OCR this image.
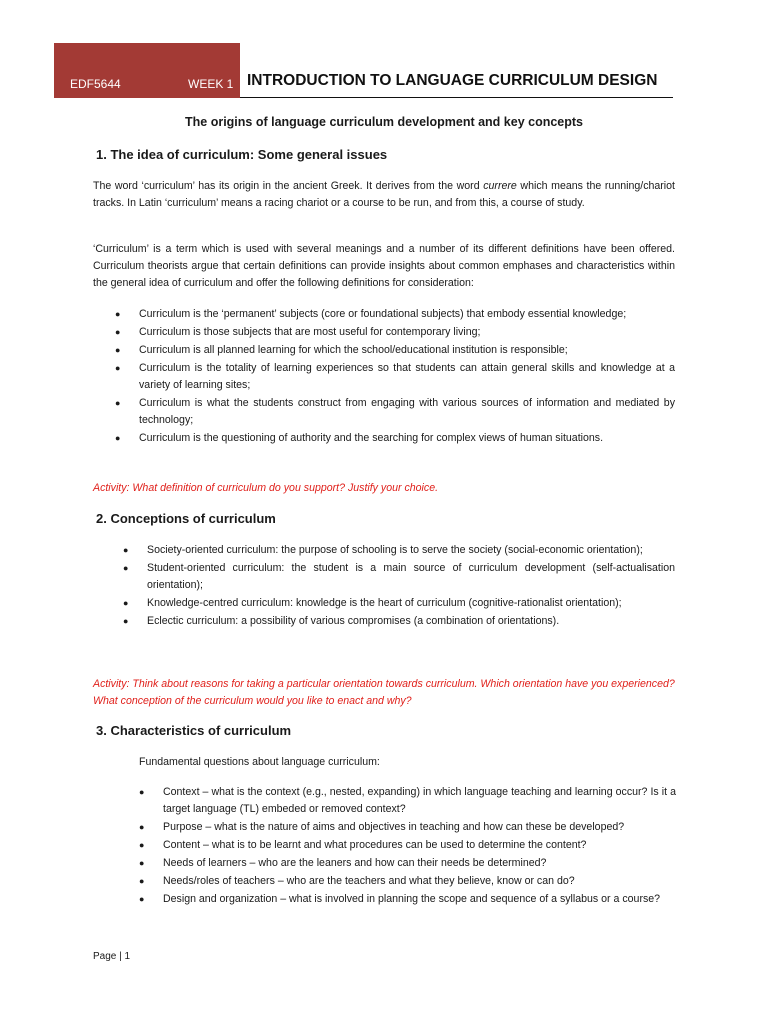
EDF5644	WEEK 1 INTRODUCTION TO LANGUAGE CURRICULUM DESIGN
The origins of language curriculum development and key concepts
1. The idea of curriculum: Some general issues
The word ‘curriculum’ has its origin in the ancient Greek. It derives from the word currere which means the running/chariot tracks. In Latin ‘curriculum’ means a racing chariot or a course to be run, and from this, a course of study.
‘Curriculum’ is a term which is used with several meanings and a number of its different definitions have been offered. Curriculum theorists argue that certain definitions can provide insights about common emphases and characteristics within the general idea of curriculum and offer the following definitions for consideration:
● Curriculum is the ‘permanent’ subjects (core or foundational subjects) that embody essential knowledge;
● Curriculum is those subjects that are most useful for contemporary living;
● Curriculum is all planned learning for which the school/educational institution is responsible;
● Curriculum is the totality of learning experiences so that students can attain general skills and knowledge at a variety of learning sites;
● Curriculum is what the students construct from engaging with various sources of information and mediated by technology;
● Curriculum is the questioning of authority and the searching for complex views of human situations.
Activity: What definition of curriculum do you support? Justify your choice.
2. Conceptions of curriculum
● Society-oriented curriculum: the purpose of schooling is to serve the society (social-economic orientation);
● Student-oriented curriculum: the student is a main source of curriculum development (self-actualisation orientation);
● Knowledge-centred curriculum: knowledge is the heart of curriculum (cognitive-rationalist orientation);
● Eclectic curriculum: a possibility of various compromises (a combination of orientations).
Activity: Think about reasons for taking a particular orientation towards curriculum. Which orientation have you experienced? What conception of the curriculum would you like to enact and why?
3. Characteristics of curriculum
Fundamental questions about language curriculum:
● Context – what is the context (e.g., nested, expanding) in which language teaching and learning occur? Is it a target language (TL) embeded or removed context?
● Purpose – what is the nature of aims and objectives in teaching and how can these be developed?
● Content – what is to be learnt and what procedures can be used to determine the content?
● Needs of learners – who are the leaners and how can their needs be determined?
● Needs/roles of teachers – who are the teachers and what they believe, know or can do?
● Design and organization – what is involved in planning the scope and sequence of a syllabus or a course?
Page | 1
